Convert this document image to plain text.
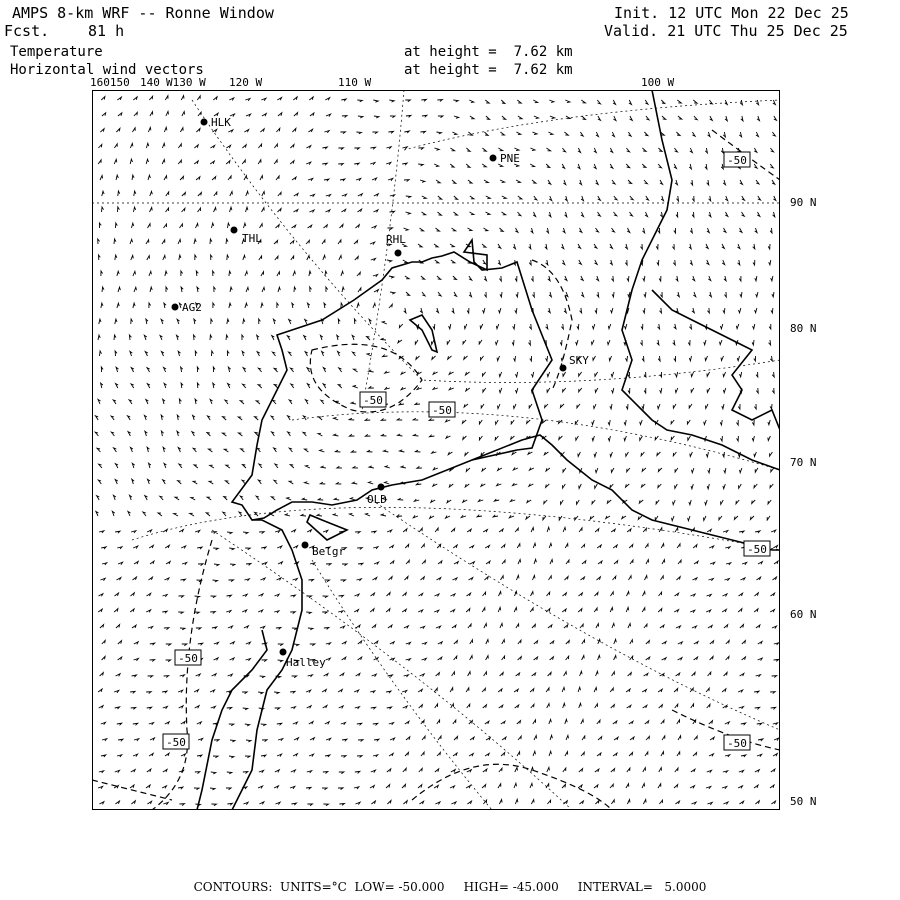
AMPS 8-km WRF -- Ronne Window
Fcst.	81 h
Temperature
Horizontal wind vectors
at height =  7.62 km
at height =  7.62 km
Init. 12 UTC Mon 22 Dec 25
Valid. 21 UTC Thu 25 Dec 25
160150 140 W130 W 120 W	110 W	100 W
90 N
80 N
70 N
60 N
50 N
-50
-50
-50
-50
-50
-50	-50
HLK
PNE
THL	RHL
AG2
SKY
OLD
Belgr
Halley
CONTOURS:  UNITS=°C  LOW= -50.000     HIGH= -45.000     INTERVAL=   5.0000
